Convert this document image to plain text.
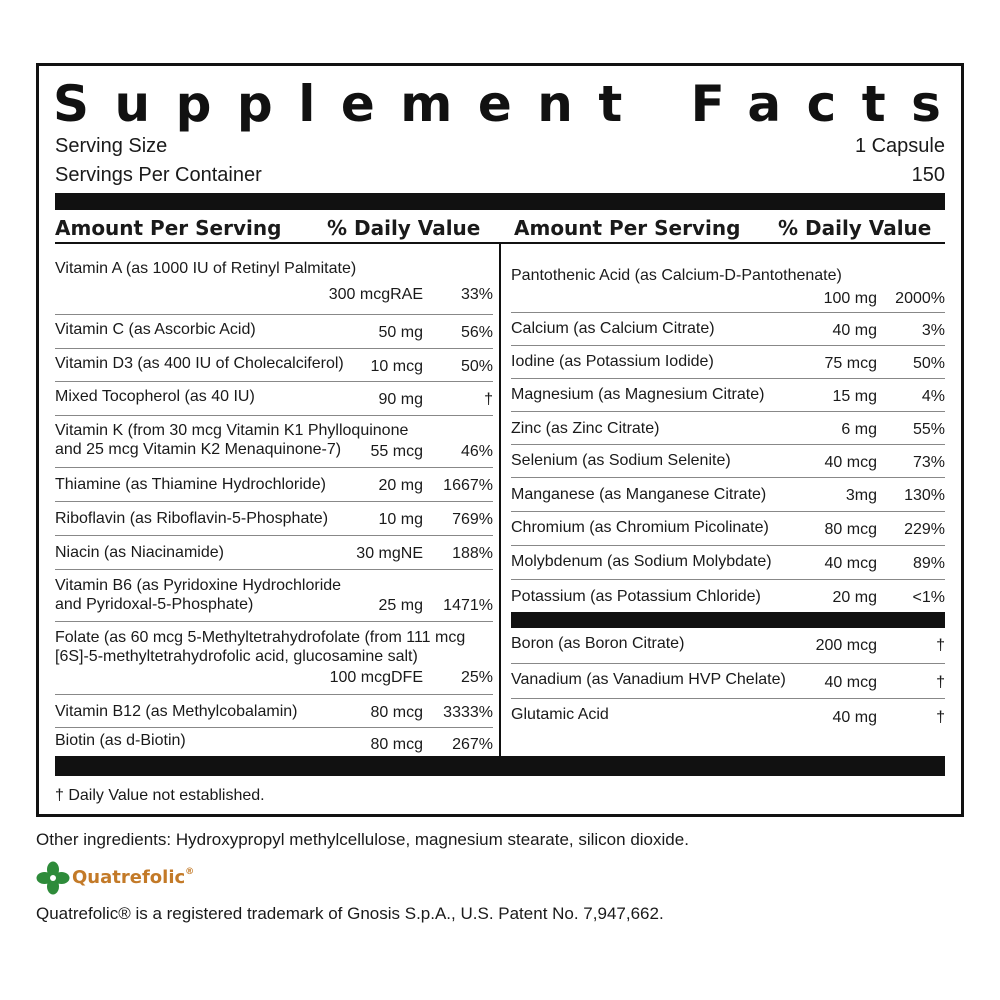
Supplement Facts
Serving Size	1 Capsule
Servings Per Container	150
Amount Per Serving % Daily Value Amount Per Serving % Daily Value
Vitamin A (as 1000 IU of Retinyl Palmitate)
300 mcgRAE 33%
Vitamin C (as Ascorbic Acid)	50 mg 56%
Vitamin D3 (as 400 IU of Cholecalciferol)	10 mcg 50%
Mixed Tocopherol (as 40 IU)	90 mg	†
Vitamin K (from 30 mcg Vitamin K1 Phylloquinone
and 25 mcg Vitamin K2 Menaquinone-7)	55 mcg 46%
Thiamine (as Thiamine Hydrochloride)	20 mg 1667%
Riboflavin (as Riboflavin-5-Phosphate)	10 mg 769%
Niacin (as Niacinamide)	30 mgNE 188%
Vitamin B6 (as Pyridoxine Hydrochloride
and Pyridoxal-5-Phosphate)	25 mg 1471%
Folate (as 60 mcg 5-Methyltetrahydrofolate (from 111 mcg
[6S]-5-methyltetrahydrofolic acid, glucosamine salt)
100 mcgDFE 25%
Vitamin B12 (as Methylcobalamin)	80 mcg 3333%
Biotin (as d-Biotin)	80 mcg 267%
Pantothenic Acid (as Calcium-D-Pantothenate)
100 mg 2000%
Calcium (as Calcium Citrate)	40 mg	3%
Iodine (as Potassium Iodide)	75 mcg 50%
Magnesium (as Magnesium Citrate)	15 mg	4%
Zinc (as Zinc Citrate)	6 mg 55%
Selenium (as Sodium Selenite)	40 mcg 73%
Manganese (as Manganese Citrate)	3mg 130%
Chromium (as Chromium Picolinate)	80 mcg 229%
Molybdenum (as Sodium Molybdate)	40 mcg 89%
Potassium (as Potassium Chloride)	20 mg <1%
Boron (as Boron Citrate)	200 mcg	†
Vanadium (as Vanadium HVP Chelate)	40 mcg	†
Glutamic Acid	40 mg	†
† Daily Value not established.
Other ingredients: Hydroxypropyl methylcellulose, magnesium stearate, silicon dioxide.
Quatrefolic®
Quatrefolic® is a registered trademark of Gnosis S.p.A., U.S. Patent No. 7,947,662.
